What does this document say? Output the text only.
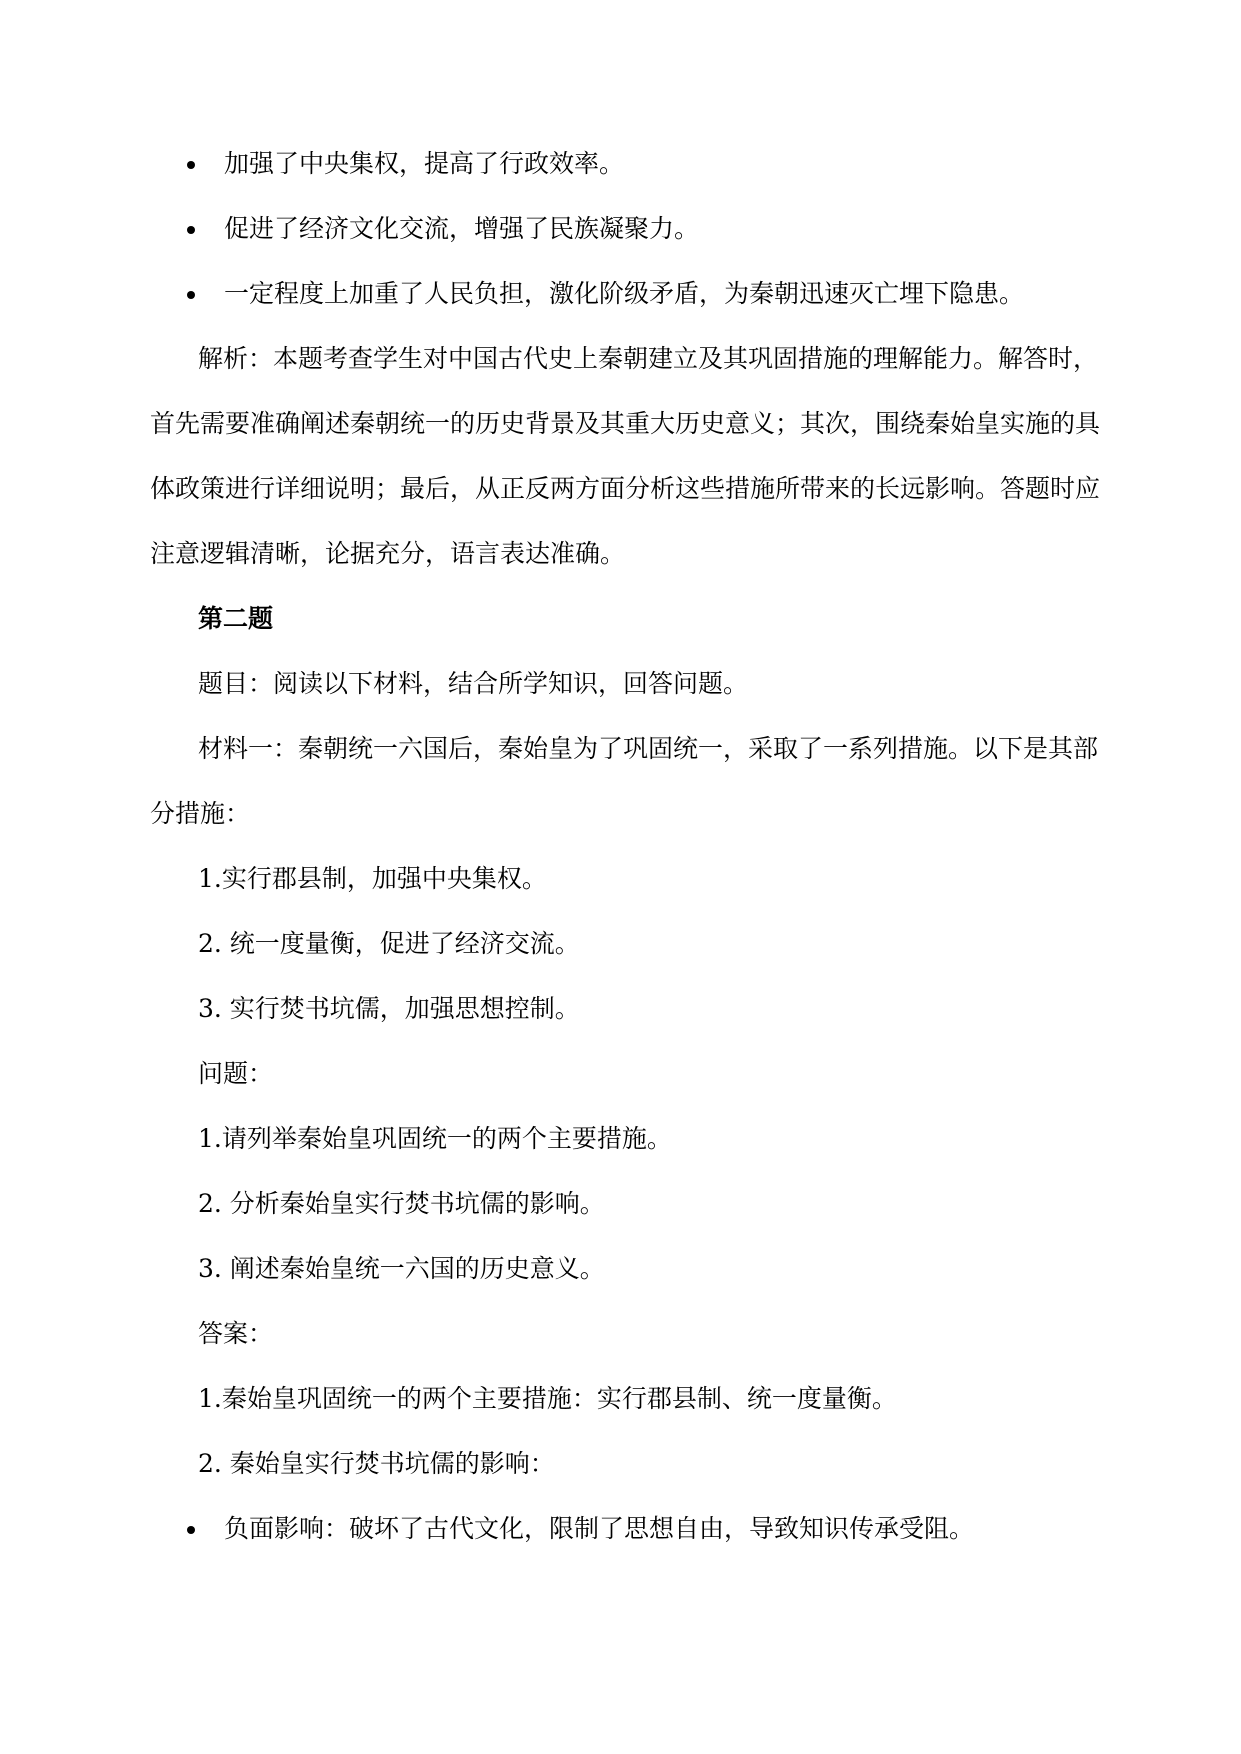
加强了中央集权，提高了行政效率。
促进了经济文化交流，增强了民族凝聚力。
一定程度上加重了人民负担，激化阶级矛盾，为秦朝迅速灭亡埋下隐患。
解析：本题考查学生对中国古代史上秦朝建立及其巩固措施的理解能力。解答时，
首先需要准确阐述秦朝统一的历史背景及其重大历史意义；其次，围绕秦始皇实施的具
体政策进行详细说明；最后，从正反两方面分析这些措施所带来的长远影响。答题时应
注意逻辑清晰，论据充分，语言表达准确。
第二题
题目：阅读以下材料，结合所学知识，回答问题。
材料一：秦朝统一六国后，秦始皇为了巩固统一，采取了一系列措施。以下是其部
分措施：
1.实行郡县制，加强中央集权。
2. 统一度量衡，促进了经济交流。
3. 实行焚书坑儒，加强思想控制。
问题：
1.请列举秦始皇巩固统一的两个主要措施。
2. 分析秦始皇实行焚书坑儒的影响。
3. 阐述秦始皇统一六国的历史意义。
答案：
1.秦始皇巩固统一的两个主要措施：实行郡县制、统一度量衡。
2. 秦始皇实行焚书坑儒的影响：
负面影响：破坏了古代文化，限制了思想自由，导致知识传承受阻。
